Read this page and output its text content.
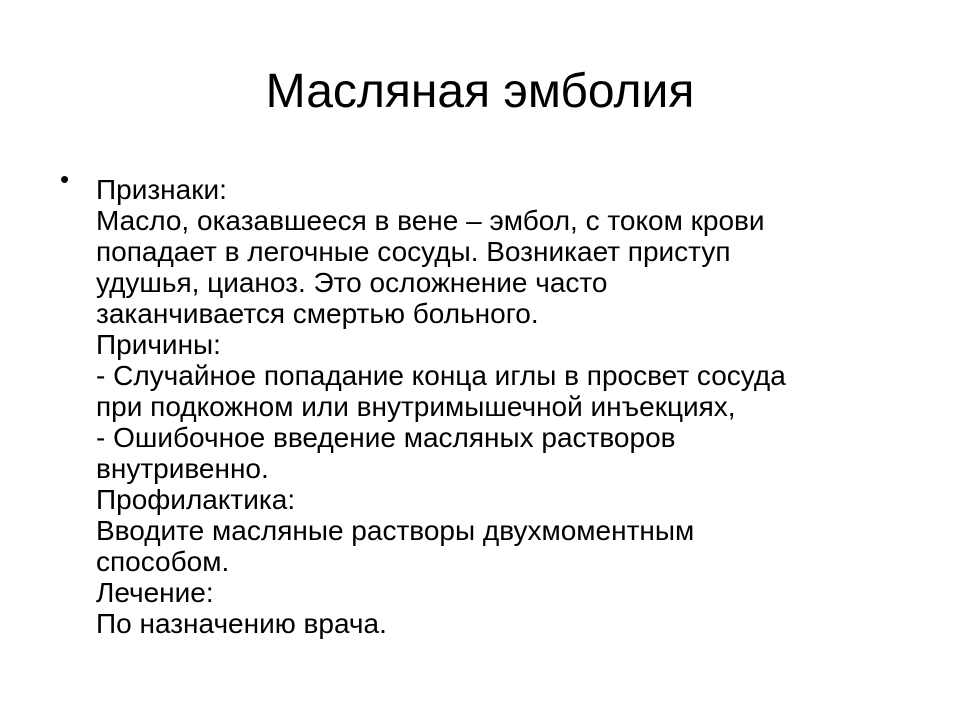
Масляная эмболия
• Признаки:
Масло, оказавшееся в вене – эмбол, с током крови
попадает в легочные сосуды. Возникает приступ
удушья, цианоз. Это осложнение часто
заканчивается смертью больного.
Причины:
- Случайное попадание конца иглы в просвет сосуда
при подкожном или внутримышечной инъекциях,
- Ошибочное введение масляных растворов
внутривенно.
Профилактика:
Вводите масляные растворы двухмоментным
способом.
Лечение:
По назначению врача.
